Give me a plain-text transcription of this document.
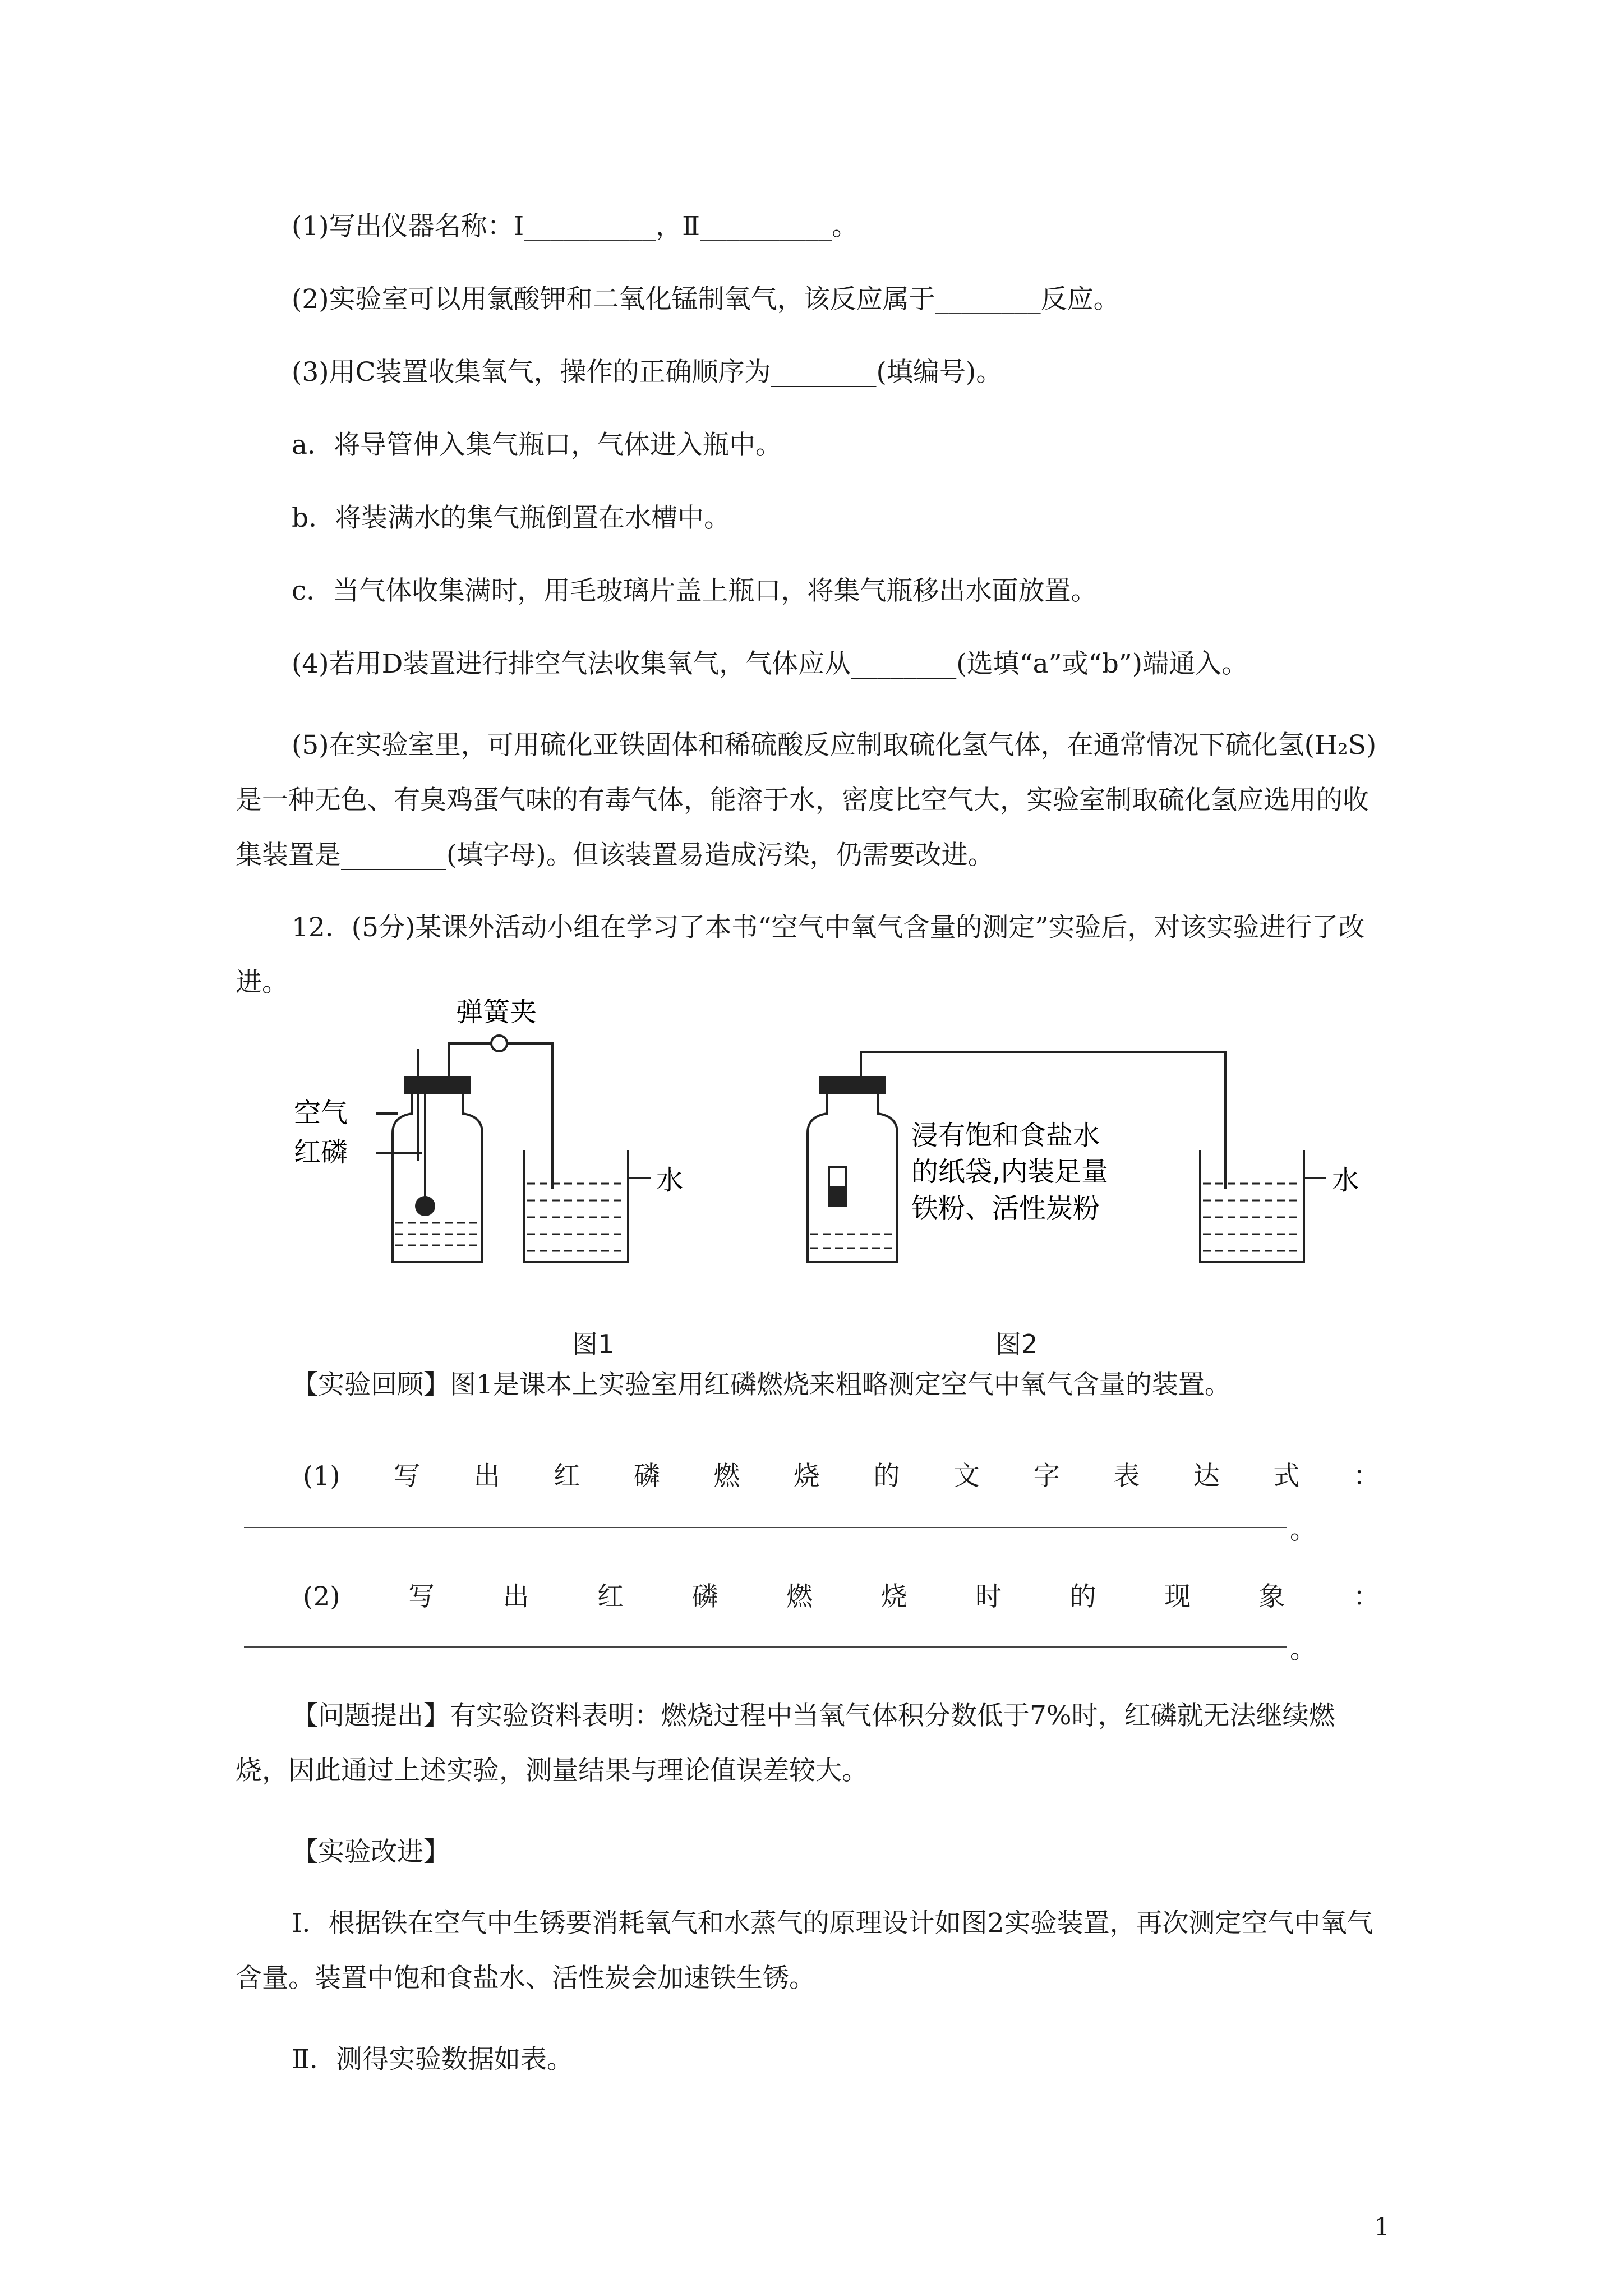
(1)写出仪器名称：Ⅰ__________，Ⅱ__________。

(2)实验室可以用氯酸钾和二氧化锰制氧气，该反应属于________反应。

(3)用C装置收集氧气，操作的正确顺序为________(填编号)。

a．将导管伸入集气瓶口，气体进入瓶中。

b．将装满水的集气瓶倒置在水槽中。

c．当气体收集满时，用毛玻璃片盖上瓶口，将集气瓶移出水面放置。

(4)若用D装置进行排空气法收集氧气，气体应从________(选填“a”或“b”)端通入。

(5)在实验室里，可用硫化亚铁固体和稀硫酸反应制取硫化氢气体，在通常情况下硫化氢(H₂S)是一种无色、有臭鸡蛋气味的有毒气体，能溶于水，密度比空气大，实验室制取硫化氢应选用的收集装置是________(填字母)。但该装置易造成污染，仍需要改进。

12．(5分)某课外活动小组在学习了本书“空气中氧气含量的测定”实验后，对该实验进行了改进。

弹簧夹
空气
红磷
水	水
浸有饱和食盐水
的纸袋,内装足量
铁粉、活性炭粉
图1	图2

【实验回顾】图1是课本上实验室用红磷燃烧来粗略测定空气中氧气含量的装置。

(1) 写 出 红 磷 燃 烧 的 文 字 表 达 式 ：
。
(2)	写	出	红	磷	燃	烧	时	的	现	象	：
。

【问题提出】有实验资料表明：燃烧过程中当氧气体积分数低于7%时，红磷就无法继续燃烧，因此通过上述实验，测量结果与理论值误差较大。

【实验改进】

Ⅰ．根据铁在空气中生锈要消耗氧气和水蒸气的原理设计如图2实验装置，再次测定空气中氧气含量。装置中饱和食盐水、活性炭会加速铁生锈。

Ⅱ．测得实验数据如表。

1
